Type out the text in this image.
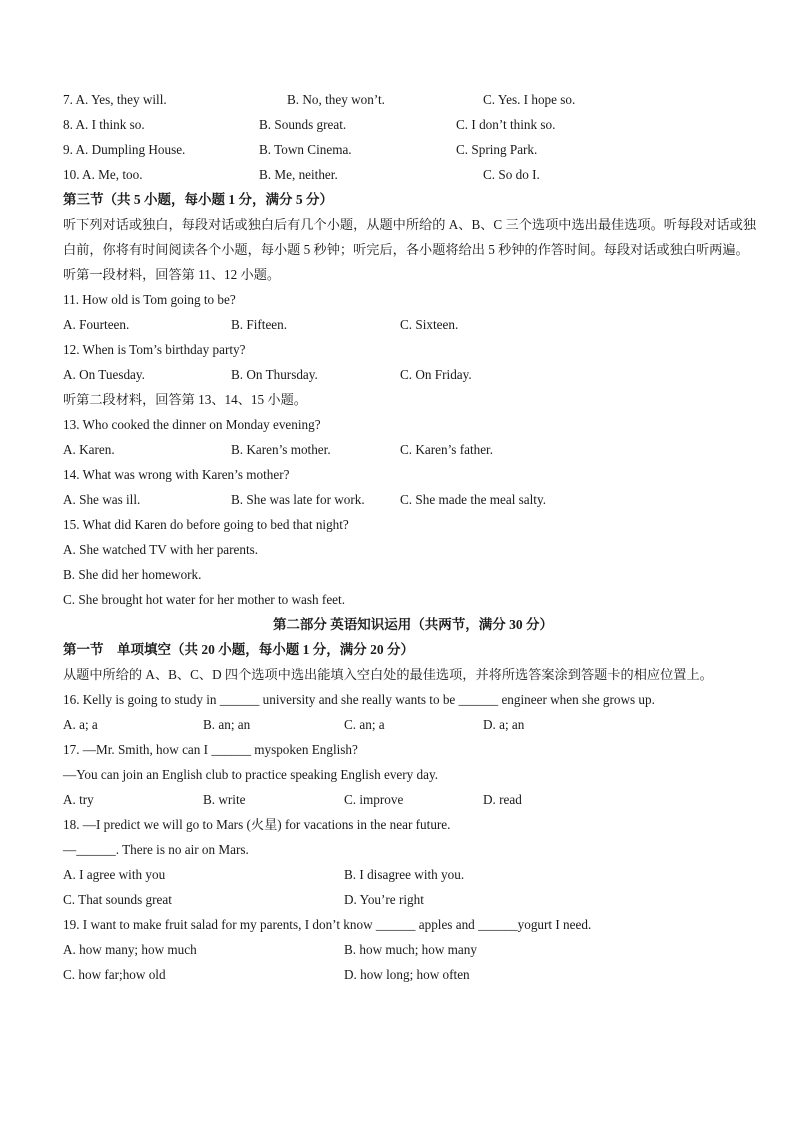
7. A. Yes, they will.	B. No, they won’t.	C. Yes. I hope so.
8. A. I think so.	B. Sounds great.	C. I don’t think so.
9. A. Dumpling House.	B. Town Cinema.	C. Spring Park.
10. A. Me, too.	B. Me, neither.	C. So do I.
第三节（共 5 小题，每小题 1 分，满分 5 分）
听下列对话或独白，每段对话或独白后有几个小题，从题中所给的 A、B、C 三个选项中选出最佳选项。听每段对话或独白前，你将有时间阅读各个小题，每小题 5 秒钟；听完后，各小题将给出 5 秒钟的作答时间。每段对话或独白听两遍。
听第一段材料，回答第 11、12 小题。
11. How old is Tom going to be?
A. Fourteen.	B. Fifteen.	C. Sixteen.
12. When is Tom’s birthday party?
A. On Tuesday.	B. On Thursday.	C. On Friday.
听第二段材料，回答第 13、14、15 小题。
13. Who cooked the dinner on Monday evening?
A. Karen.	B. Karen’s mother.	C. Karen’s father.
14. What was wrong with Karen’s mother?
A. She was ill.	B. She was late for work.	C. She made the meal salty.
15. What did Karen do before going to bed that night?
A. She watched TV with her parents.
B. She did her homework.
C. She brought hot water for her mother to wash feet.
第二部分 英语知识运用（共两节，满分 30 分）
第一节　单项填空（共 20 小题，每小题 1 分，满分 20 分）
从题中所给的 A、B、C、D 四个选项中选出能填入空白处的最佳选项，并将所选答案涂到答题卡的相应位置上。
16. Kelly is going to study in ______ university and she really wants to be ______ engineer when she grows up.
A. a; a	B. an; an	C. an; a	D. a; an
17. —Mr. Smith, how can I ______ myspoken English?
—You can join an English club to practice speaking English every day.
A. try	B. write	C. improve	D. read
18. —I predict we will go to Mars (火星) for vacations in the near future.
—______. There is no air on Mars.
A. I agree with you	B. I disagree with you.
C. That sounds great	D. You’re right
19. I want to make fruit salad for my parents, I don’t know ______ apples and ______yogurt I need.
A. how many; how much	B. how much; how many
C. how far;how old	D. how long; how often
